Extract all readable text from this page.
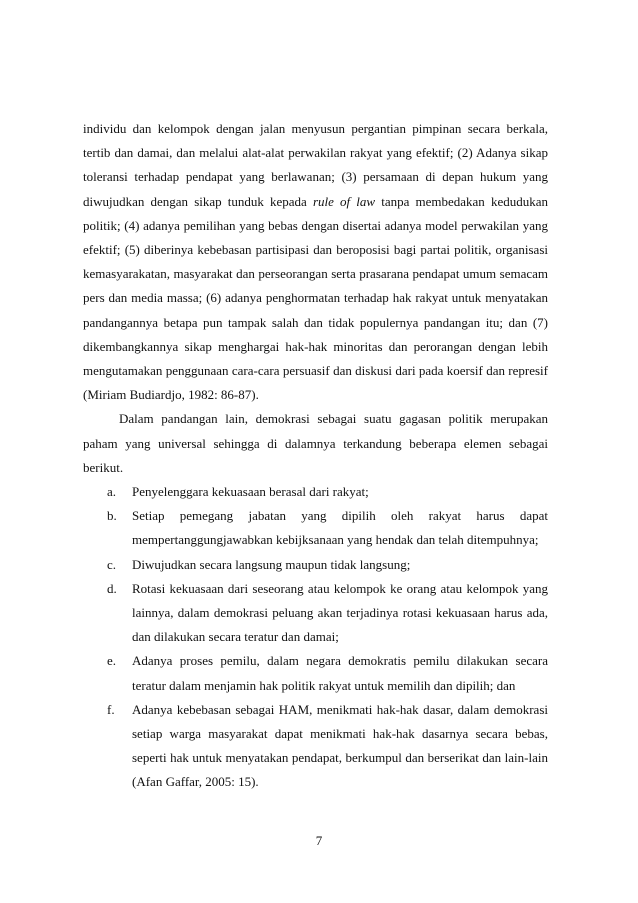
individu dan kelompok dengan jalan menyusun pergantian pimpinan secara berkala, tertib dan damai, dan melalui alat-alat perwakilan rakyat yang efektif; (2) Adanya sikap toleransi terhadap pendapat yang berlawanan; (3) persamaan di depan hukum yang diwujudkan dengan sikap tunduk kepada rule of law tanpa membedakan kedudukan politik; (4) adanya pemilihan yang bebas dengan disertai adanya model perwakilan yang efektif; (5) diberinya kebebasan partisipasi dan beroposisi bagi partai politik, organisasi kemasyarakatan, masyarakat dan perseorangan serta prasarana pendapat umum semacam pers dan media massa; (6) adanya penghormatan terhadap hak rakyat untuk menyatakan pandangannya betapa pun tampak salah dan tidak populernya pandangan itu; dan (7) dikembangkannya sikap menghargai hak-hak minoritas dan perorangan dengan lebih mengutamakan penggunaan cara-cara persuasif dan diskusi dari pada koersif dan represif (Miriam Budiardjo, 1982: 86-87).

Dalam pandangan lain, demokrasi sebagai suatu gagasan politik merupakan paham yang universal sehingga di dalamnya terkandung beberapa elemen sebagai berikut.

a.	Penyelenggara kekuasaan berasal dari rakyat;
b.	Setiap pemegang jabatan yang dipilih oleh rakyat harus dapat mempertanggungjawabkan kebijksanaan yang hendak dan telah ditempuhnya;
c.	Diwujudkan secara langsung maupun tidak langsung;
d.	Rotasi kekuasaan dari seseorang atau kelompok ke orang atau kelompok yang lainnya, dalam demokrasi peluang akan terjadinya rotasi kekuasaan harus ada, dan dilakukan secara teratur dan damai;
e.	Adanya proses pemilu, dalam negara demokratis pemilu dilakukan secara teratur dalam menjamin hak politik rakyat untuk memilih dan dipilih; dan
f.	Adanya kebebasan sebagai HAM, menikmati hak-hak dasar, dalam demokrasi setiap warga masyarakat dapat menikmati hak-hak dasarnya secara bebas, seperti hak untuk menyatakan pendapat, berkumpul dan berserikat dan lain-lain (Afan Gaffar, 2005: 15).
7
